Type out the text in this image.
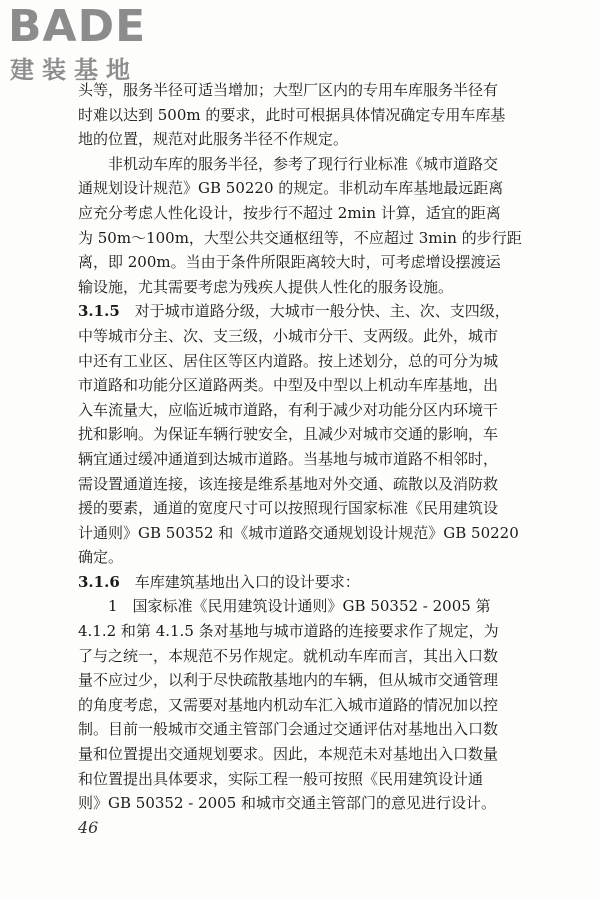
BADE
建装基地
头等，服务半径可适当增加；大型厂区内的专用车库服务半径有
时难以达到 500m 的要求，此时可根据具体情况确定专用车库基
地的位置，规范对此服务半径不作规定。
非机动车库的服务半径，参考了现行行业标准《城市道路交
通规划设计规范》GB 50220 的规定。非机动车库基地最远距离
应充分考虑人性化设计，按步行不超过 2min 计算，适宜的距离
为 50m～100m，大型公共交通枢纽等，不应超过 3min 的步行距
离，即 200m。当由于条件所限距离较大时，可考虑增设摆渡运
输设施，尤其需要考虑为残疾人提供人性化的服务设施。
3.1.5  对于城市道路分级，大城市一般分快、主、次、支四级，
中等城市分主、次、支三级，小城市分干、支两级。此外，城市
中还有工业区、居住区等区内道路。按上述划分，总的可分为城
市道路和功能分区道路两类。中型及中型以上机动车库基地，出
入车流量大，应临近城市道路，有利于减少对功能分区内环境干
扰和影响。为保证车辆行驶安全，且减少对城市交通的影响，车
辆宜通过缓冲通道到达城市道路。当基地与城市道路不相邻时，
需设置通道连接，该连接是维系基地对外交通、疏散以及消防救
援的要素，通道的宽度尺寸可以按照现行国家标准《民用建筑设
计通则》GB 50352 和《城市道路交通规划设计规范》GB 50220
确定。
3.1.6  车库建筑基地出入口的设计要求：
1　国家标准《民用建筑设计通则》GB 50352 - 2005 第
4.1.2 和第 4.1.5 条对基地与城市道路的连接要求作了规定，为
了与之统一，本规范不另作规定。就机动车库而言，其出入口数
量不应过少，以利于尽快疏散基地内的车辆，但从城市交通管理
的角度考虑，又需要对基地内机动车汇入城市道路的情况加以控
制。目前一般城市交通主管部门会通过交通评估对基地出入口数
量和位置提出交通规划要求。因此，本规范未对基地出入口数量
和位置提出具体要求，实际工程一般可按照《民用建筑设计通
则》GB 50352 - 2005 和城市交通主管部门的意见进行设计。
46
